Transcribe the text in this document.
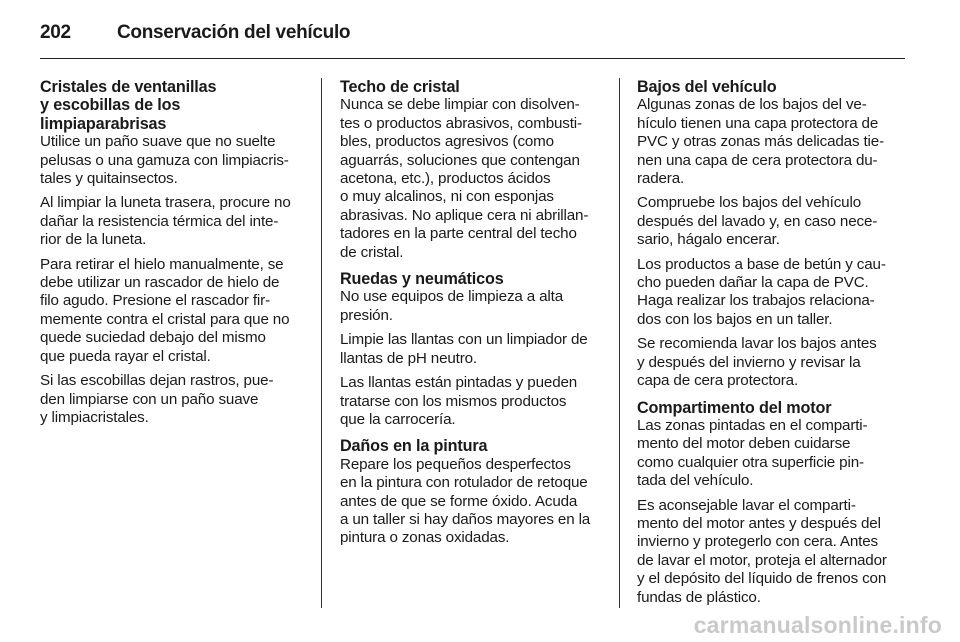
202 Conservación del vehículo
Cristales de ventanillas
y escobillas de los
limpiaparabrisas
Utilice un paño suave que no suelte
pelusas o una gamuza con limpiacris-
tales y quitainsectos.
Al limpiar la luneta trasera, procure no
dañar la resistencia térmica del inte-
rior de la luneta.
Para retirar el hielo manualmente, se
debe utilizar un rascador de hielo de
filo agudo. Presione el rascador fir-
memente contra el cristal para que no
quede suciedad debajo del mismo
que pueda rayar el cristal.
Si las escobillas dejan rastros, pue-
den limpiarse con un paño suave
y limpiacristales.
Techo de cristal
Nunca se debe limpiar con disolven-
tes o productos abrasivos, combusti-
bles, productos agresivos (como
aguarrás, soluciones que contengan
acetona, etc.), productos ácidos
o muy alcalinos, ni con esponjas
abrasivas. No aplique cera ni abrillan-
tadores en la parte central del techo
de cristal.
Ruedas y neumáticos
No use equipos de limpieza a alta
presión.
Limpie las llantas con un limpiador de
llantas de pH neutro.
Las llantas están pintadas y pueden
tratarse con los mismos productos
que la carrocería.
Daños en la pintura
Repare los pequeños desperfectos
en la pintura con rotulador de retoque
antes de que se forme óxido. Acuda
a un taller si hay daños mayores en la
pintura o zonas oxidadas.
Bajos del vehículo
Algunas zonas de los bajos del ve-
hículo tienen una capa protectora de
PVC y otras zonas más delicadas tie-
nen una capa de cera protectora du-
radera.
Compruebe los bajos del vehículo
después del lavado y, en caso nece-
sario, hágalo encerar.
Los productos a base de betún y cau-
cho pueden dañar la capa de PVC.
Haga realizar los trabajos relaciona-
dos con los bajos en un taller.
Se recomienda lavar los bajos antes
y después del invierno y revisar la
capa de cera protectora.
Compartimento del motor
Las zonas pintadas en el comparti-
mento del motor deben cuidarse
como cualquier otra superficie pin-
tada del vehículo.
Es aconsejable lavar el comparti-
mento del motor antes y después del
invierno y protegerlo con cera. Antes
de lavar el motor, proteja el alternador
y el depósito del líquido de frenos con
fundas de plástico.
carmanualsonline.info
